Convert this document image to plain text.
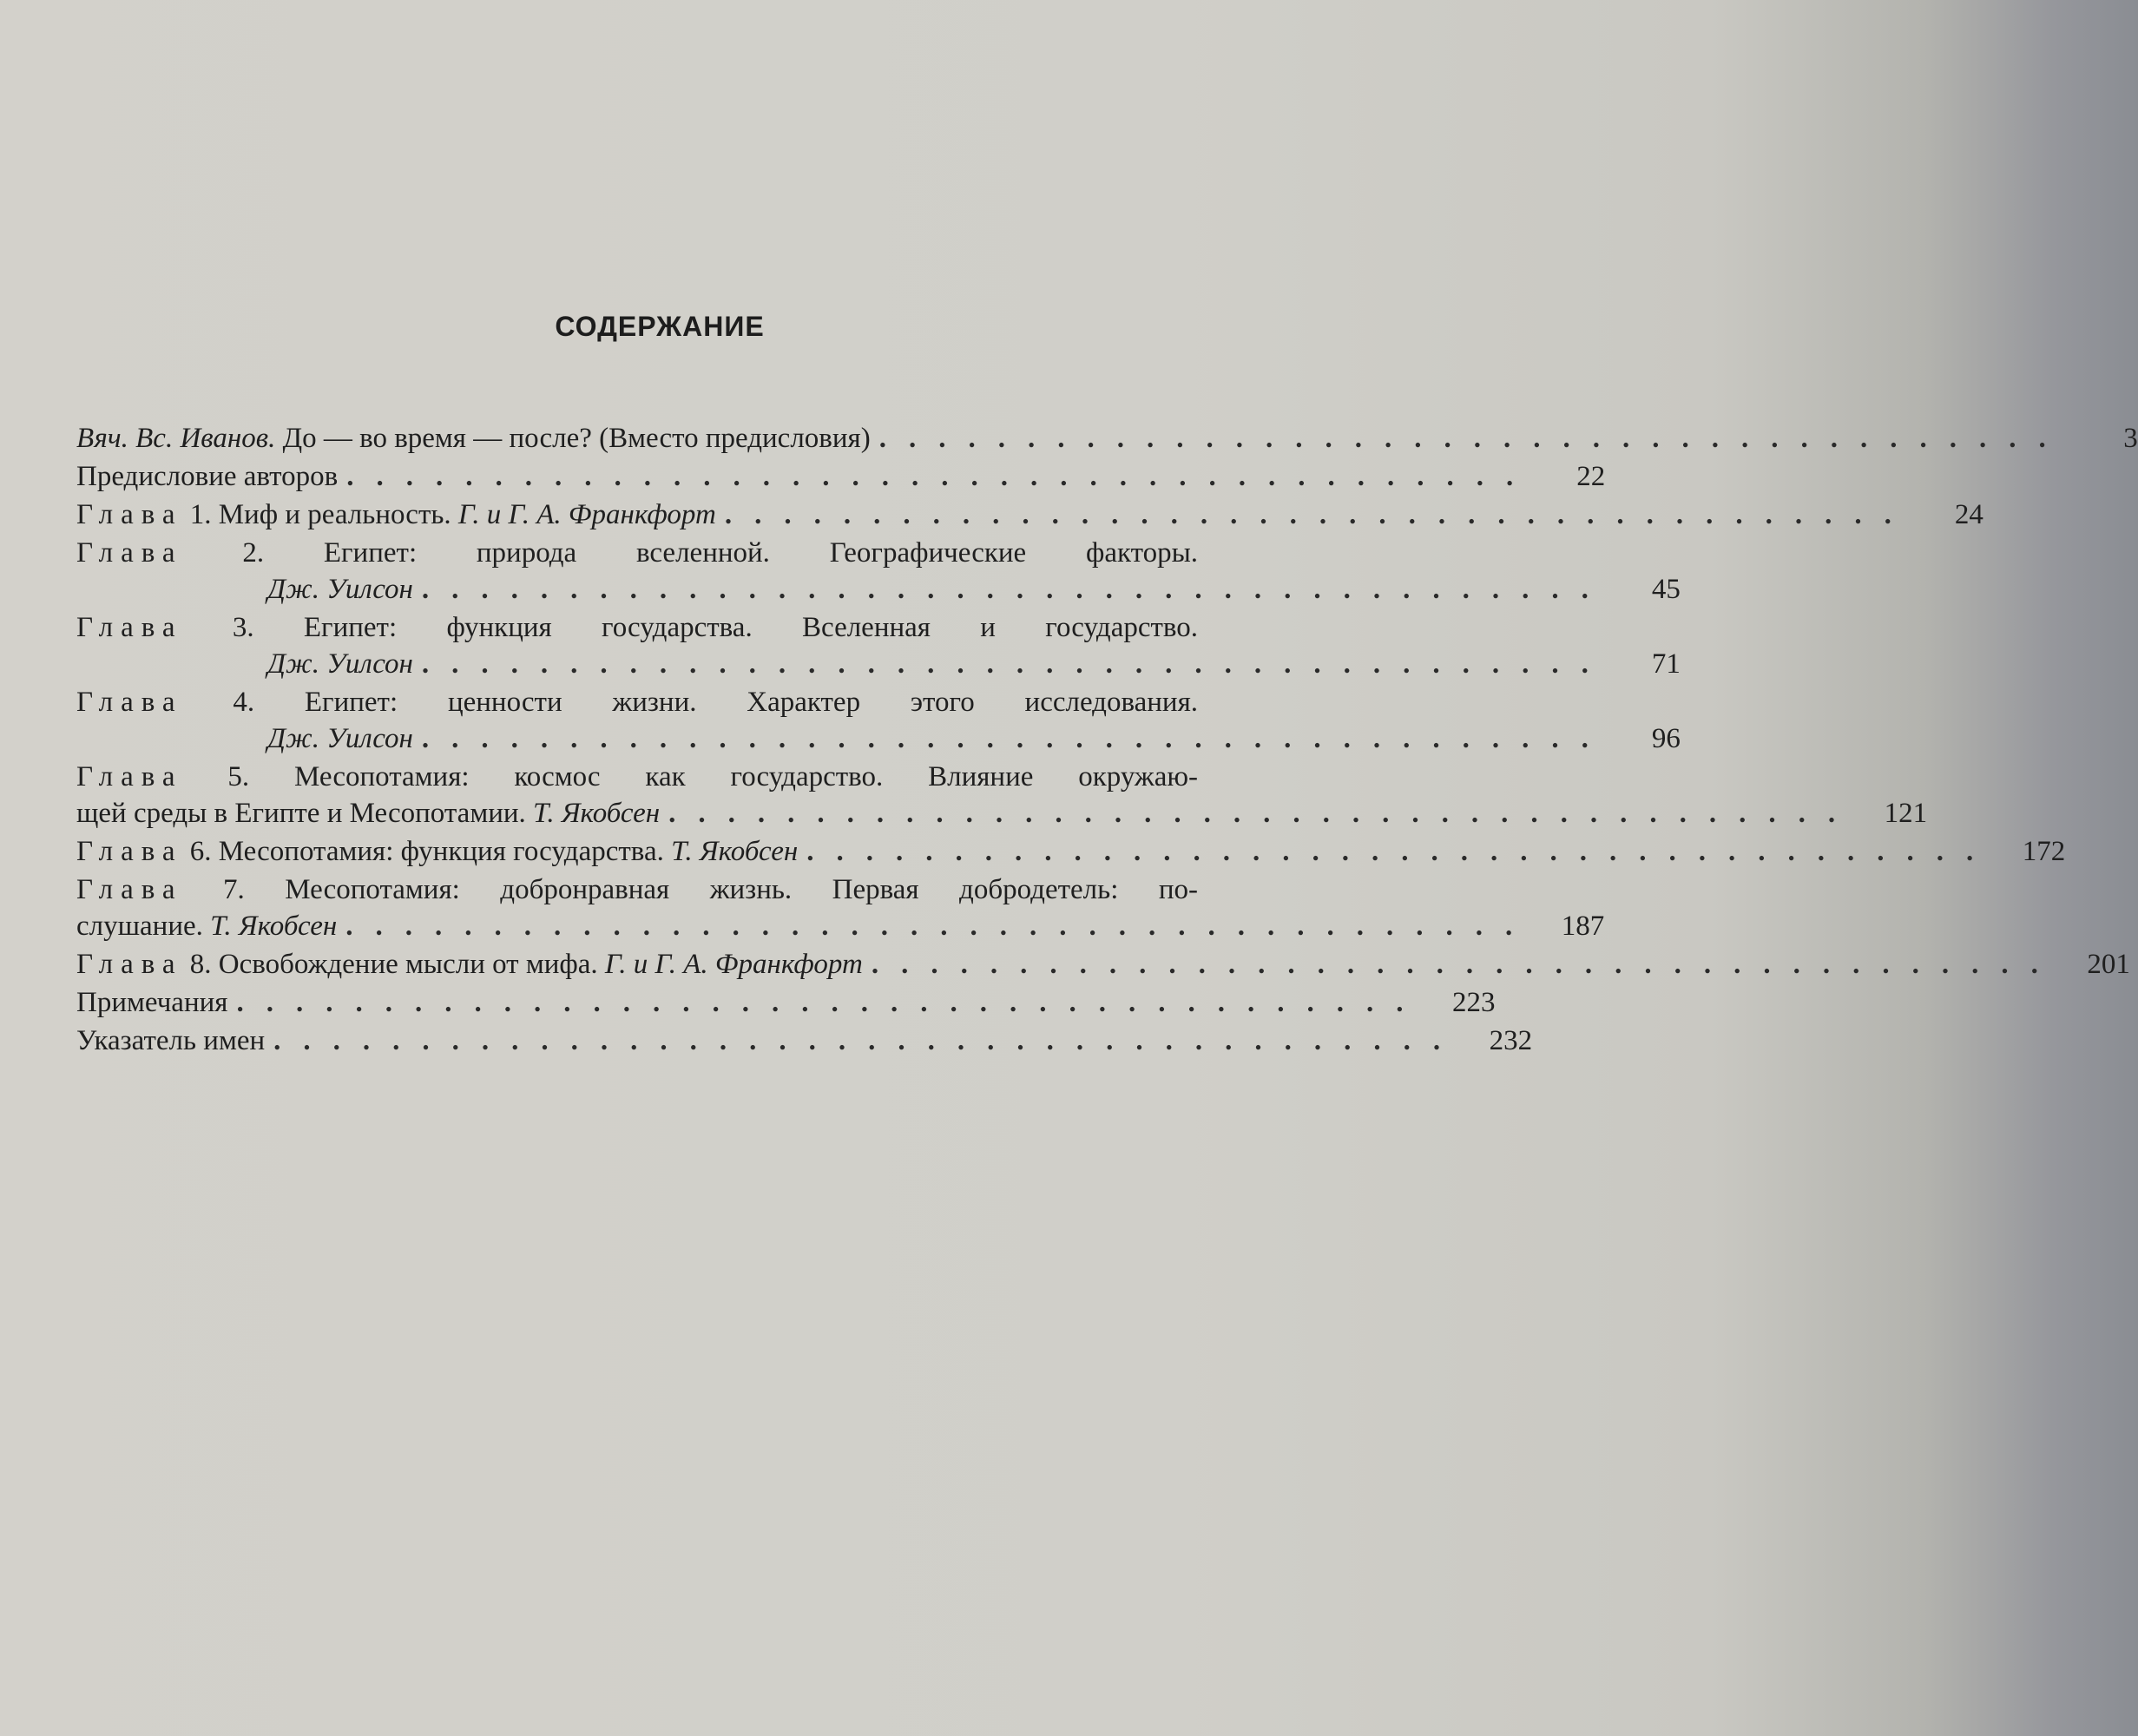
СОДЕРЖАНИЕ
Вяч. Вс. Иванов. До — во время — после? (Вместо предисловия) ........................................	3
Предисловие авторов ........................................	22
Глава 1. Миф и реальность. Г. и Г. А. Франкфорт ........................................	24
Глава 2. Египет: природа вселенной. Географические факторы.
Дж. Уилсон ........................................	45
Глава 3. Египет: функция государства. Вселенная и государство.
Дж. Уилсон ........................................	71
Глава 4. Египет: ценности жизни. Характер этого исследования.
Дж. Уилсон ........................................	96
Глава 5. Месопотамия: космос как государство. Влияние окружаю-
щей среды в Египте и Месопотамии. Т. Якобсен ........................................ 121
Глава 6. Месопотамия: функция государства. Т. Якобсен ........................................ 172
Глава 7. Месопотамия: добронравная жизнь. Первая добродетель: по-
слушание. Т. Якобсен ........................................ 187
Глава 8. Освобождение мысли от мифа. Г. и Г. А. Франкфорт ........................................ 201
Примечания ........................................ 223
Указатель имен ........................................ 232
